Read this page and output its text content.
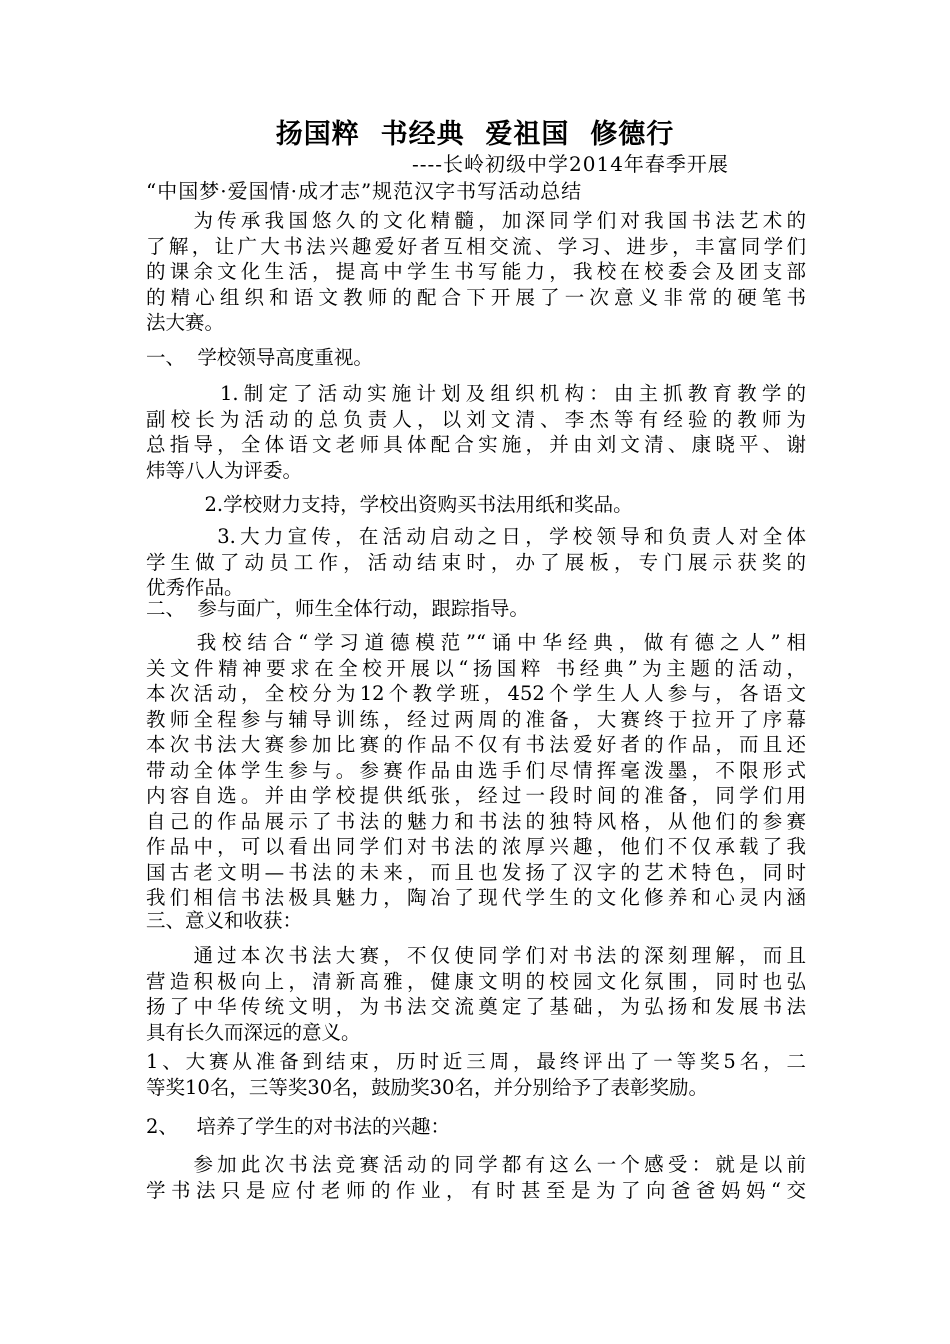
扬国粹  书经典  爱祖国  修德行
----长岭初级中学2014年春季开展
“中国梦·爱国情·成才志”规范汉字书写活动总结
　　为传承我国悠久的文化精髓，加深同学们对我国书法艺术的
了解，让广大书法兴趣爱好者互相交流、学习、进步，丰富同学们
的课余文化生活，提高中学生书写能力，我校在校委会及团支部
的精心组织和语文教师的配合下开展了一次意义非常的硬笔书
法大赛。
一、  学校领导高度重视。
　　　1.制定了活动实施计划及组织机构：由主抓教育教学的
副校长为活动的总负责人，以刘文清、李杰等有经验的教师为
总指导，全体语文老师具体配合实施，并由刘文清、康晓平、谢
炜等八人为评委。
　　　2.学校财力支持，学校出资购买书法用纸和奖品。
　　　3.大力宣传，在活动启动之日，学校领导和负责人对全体
学生做了动员工作，活动结束时，办了展板，专门展示获奖的
优秀作品。
二、  参与面广，师生全体行动，跟踪指导。
　　我校结合“学习道德模范”“诵中华经典，做有德之人”相
关文件精神要求在全校开展以“扬国粹 书经典”为主题的活动，
本次活动，全校分为12个教学班，452个学生人人参与，各语文
教师全程参与辅导训练，经过两周的准备，大赛终于拉开了序幕
本次书法大赛参加比赛的作品不仅有书法爱好者的作品，而且还
带动全体学生参与。参赛作品由选手们尽情挥毫泼墨，不限形式
内容自选。并由学校提供纸张，经过一段时间的准备，同学们用
自己的作品展示了书法的魅力和书法的独特风格，从他们的参赛
作品中，可以看出同学们对书法的浓厚兴趣，他们不仅承载了我
国古老文明—书法的未来，而且也发扬了汉字的艺术特色，同时
我们相信书法极具魅力，陶冶了现代学生的文化修养和心灵内涵
三、意义和收获：
　　通过本次书法大赛，不仅使同学们对书法的深刻理解，而且
营造积极向上，清新高雅，健康文明的校园文化氛围，同时也弘
扬了中华传统文明，为书法交流奠定了基础，为弘扬和发展书法
具有长久而深远的意义。
1、大赛从准备到结束，历时近三周，最终评出了一等奖5名，二
等奖10名，三等奖30名，鼓励奖30名，并分别给予了表彰奖励。
2、   培养了学生的对书法的兴趣：
　　参加此次书法竞赛活动的同学都有这么一个感受：就是以前
学书法只是应付老师的作业，有时甚至是为了向爸爸妈妈“交
